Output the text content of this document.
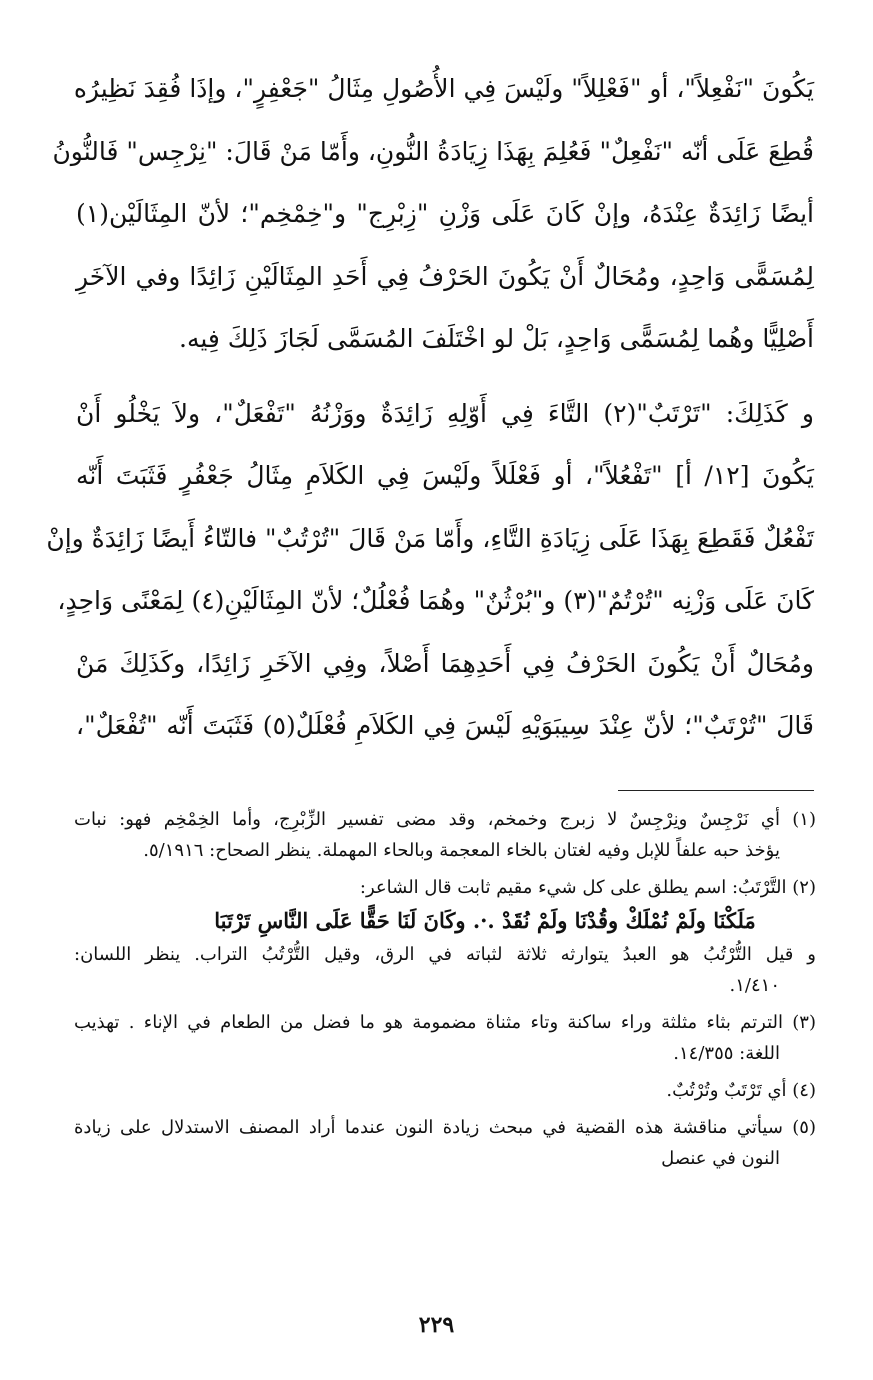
يَكُونَ "نَفْعِلاً"، أو "فَعْلِلاً" ولَيْسَ فِي الأُصُولِ مِثَالُ "جَعْفِرٍ"، وإذَا فُقِدَ نَظِيرُه
قُطِعَ عَلَى أنّه "نَفْعِلٌ" فَعُلِمَ بِهَذَا زِيَادَةُ النُّونِ، وأَمّا مَنْ قَالَ: "نِرْجِس" فَالنُّونُ
أيضًا زَائِدَةٌ عِنْدَهُ، وإنْ كَانَ عَلَى وَزْنِ "زِبْرِج" و"خِمْخِم"؛ لأنّ المِثَالَيْن(١)
لِمُسَمًّى وَاحِدٍ، ومُحَالٌ أَنْ يَكُونَ الحَرْفُ فِي أَحَدِ المِثَالَيْنِ زَائِدًا وفي الآخَرِ
أَصْلِيًّا وهُما لِمُسَمًّى وَاحِدٍ، بَلْ لو اخْتَلَفَ المُسَمَّى لَجَازَ ذَلِكَ فِيه.
و كَذَلِكَ: "تَرْتَبٌ"(٢) التَّاءَ فِي أَوّلِهِ زَائِدَةٌ ووَزْنُهُ "تَفْعَلٌ"، ولاَ يَخْلُو أَنْ
يَكُونَ [١٢/ أ] "تَفْعُلاً"، أو فَعْلَلاً ولَيْسَ فِي الكَلاَمِ مِثَالُ جَعْفُرٍ فَثَبَتَ أَنّه
تَفْعُلٌ فَقَطِعَ بِهَذَا عَلَى زِيَادَةِ التَّاءِ، وأَمّا مَنْ قَالَ "تُرْتُبٌ" فالتّاءُ أَيضًا زَائِدَةٌ وإنْ
كَانَ عَلَى وَزْنِه "تُرْتُمٌ"(٣) و"بُرْثُنٌ" وهُمَا فُعْلُلٌ؛ لأنّ المِثَالَيْنِ(٤) لِمَعْنًى وَاحِدٍ،
ومُحَالٌ أَنْ يَكُونَ الحَرْفُ فِي أَحَدِهِمَا أَصْلاً، وفِي الآخَرِ زَائِدًا، وكَذَلِكَ مَنْ
قَالَ "تُرْتَبٌ"؛ لأنّ عِنْدَ سِيبَوَيْهِ لَيْسَ فِي الكَلاَمِ فُعْلَلٌ(٥) فَثَبَتَ أَنّه "تُفْعَلٌ"،
(١) أي نَرْجِسٌ ونِرْجِسٌ لا زبرج وخمخم، وقد مضى تفسير الزِّبْرِج، وأما الخِمْخِم فهو: نبات
يؤخذ حبه علفاً للإبل وفيه لغتان بالخاء المعجمة وبالحاء المهملة. ينظر الصحاح: ٥/١٩١٦.
(٢) التَّرْتَبُ: اسم يطلق على كل شيء مقيم ثابت قال الشاعر:
مَلَكْنَا ولَمْ نُمْلَكْ وقُدْنَا ولَمْ نُقَدْ .·. وكَانَ لَنَا حَقًّا عَلَى النَّاسِ تَرْتَبَا
و قيل التُّرْتُبُ هو العبدُ يتوارثه ثلاثة لثباته في الرق، وقيل التُّرْتُبُ التراب. ينظر اللسان:
١/٤١٠.
(٣) الترتم بثاء مثلثة وراء ساكنة وتاء مثناة مضمومة هو ما فضل من الطعام في الإناء . تهذيب
اللغة: ١٤/٣٥٥.
(٤) أي تَرْتَبٌ وتُرْتُبٌ.
(٥) سيأتي مناقشة هذه القضية في مبحث زيادة النون عندما أراد المصنف الاستدلال على زيادة
النون في عنصل
٢٢٩
